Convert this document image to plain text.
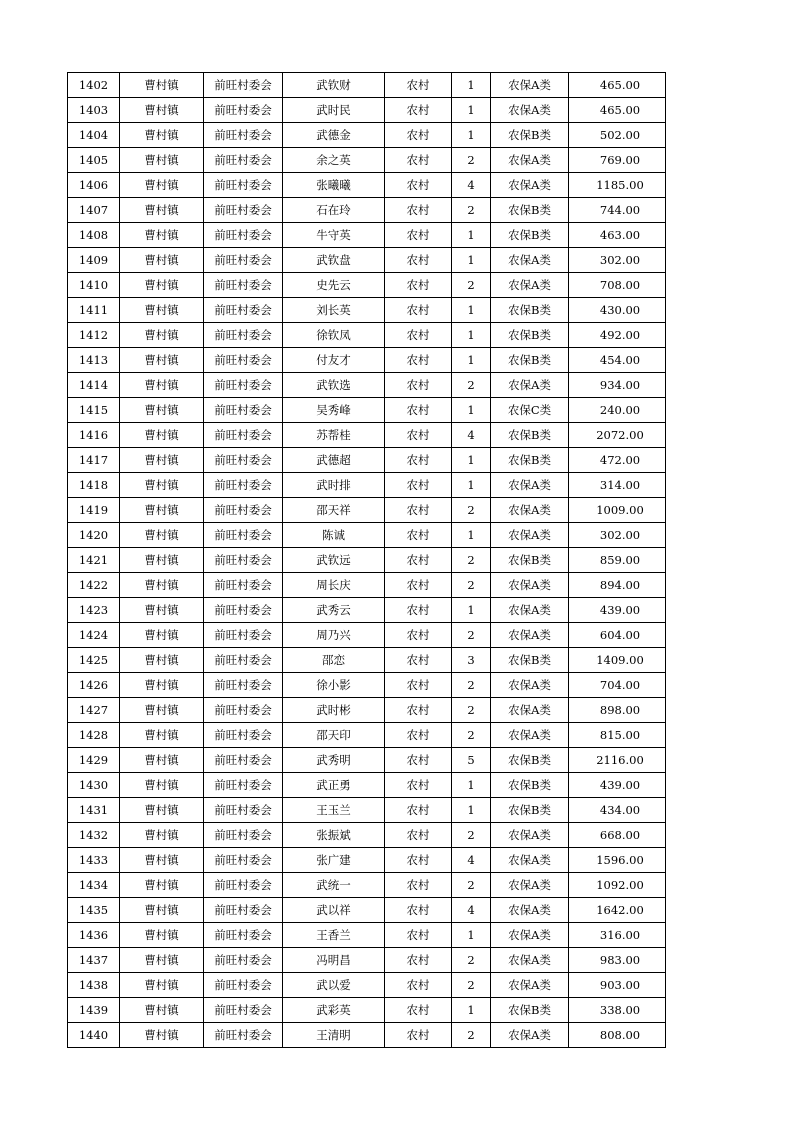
1402	曹村镇	前旺村委会	武钦财	农村	1	农保A类	465.00
1403	曹村镇	前旺村委会	武时民	农村	1	农保A类	465.00
1404	曹村镇	前旺村委会	武德金	农村	1	农保B类	502.00
1405	曹村镇	前旺村委会	余之英	农村	2	农保A类	769.00
1406	曹村镇	前旺村委会	张曦曦	农村	4	农保A类	1185.00
1407	曹村镇	前旺村委会	石在玲	农村	2	农保B类	744.00
1408	曹村镇	前旺村委会	牛守英	农村	1	农保B类	463.00
1409	曹村镇	前旺村委会	武钦盘	农村	1	农保A类	302.00
1410	曹村镇	前旺村委会	史先云	农村	2	农保A类	708.00
1411	曹村镇	前旺村委会	刘长英	农村	1	农保B类	430.00
1412	曹村镇	前旺村委会	徐钦凤	农村	1	农保B类	492.00
1413	曹村镇	前旺村委会	付友才	农村	1	农保B类	454.00
1414	曹村镇	前旺村委会	武钦选	农村	2	农保A类	934.00
1415	曹村镇	前旺村委会	吴秀峰	农村	1	农保C类	240.00
1416	曹村镇	前旺村委会	苏帮桂	农村	4	农保B类	2072.00
1417	曹村镇	前旺村委会	武德超	农村	1	农保B类	472.00
1418	曹村镇	前旺村委会	武时排	农村	1	农保A类	314.00
1419	曹村镇	前旺村委会	邵天祥	农村	2	农保A类	1009.00
1420	曹村镇	前旺村委会	陈诚	农村	1	农保A类	302.00
1421	曹村镇	前旺村委会	武钦远	农村	2	农保B类	859.00
1422	曹村镇	前旺村委会	周长庆	农村	2	农保A类	894.00
1423	曹村镇	前旺村委会	武秀云	农村	1	农保A类	439.00
1424	曹村镇	前旺村委会	周乃兴	农村	2	农保A类	604.00
1425	曹村镇	前旺村委会	邵恋	农村	3	农保B类	1409.00
1426	曹村镇	前旺村委会	徐小影	农村	2	农保A类	704.00
1427	曹村镇	前旺村委会	武时彬	农村	2	农保A类	898.00
1428	曹村镇	前旺村委会	邵天印	农村	2	农保A类	815.00
1429	曹村镇	前旺村委会	武秀明	农村	5	农保B类	2116.00
1430	曹村镇	前旺村委会	武正勇	农村	1	农保B类	439.00
1431	曹村镇	前旺村委会	王玉兰	农村	1	农保B类	434.00
1432	曹村镇	前旺村委会	张振斌	农村	2	农保A类	668.00
1433	曹村镇	前旺村委会	张广建	农村	4	农保A类	1596.00
1434	曹村镇	前旺村委会	武统一	农村	2	农保A类	1092.00
1435	曹村镇	前旺村委会	武以祥	农村	4	农保A类	1642.00
1436	曹村镇	前旺村委会	王香兰	农村	1	农保A类	316.00
1437	曹村镇	前旺村委会	冯明昌	农村	2	农保A类	983.00
1438	曹村镇	前旺村委会	武以爱	农村	2	农保A类	903.00
1439	曹村镇	前旺村委会	武彩英	农村	1	农保B类	338.00
1440	曹村镇	前旺村委会	王清明	农村	2	农保A类	808.00
